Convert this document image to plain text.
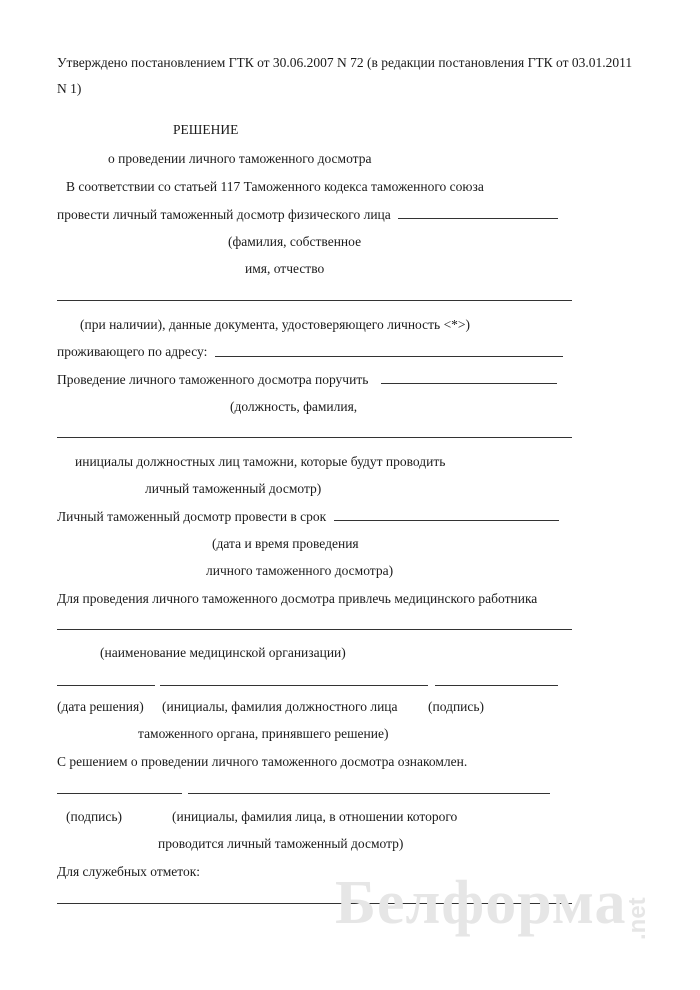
Утверждено постановлением ГТК от 30.06.2007 N 72 (в редакции постановления ГТК от 03.01.2011
N 1)
РЕШЕНИЕ
о проведении личного таможенного досмотра
В соответствии со статьей 117 Таможенного кодекса таможенного союза
провести личный таможенный досмотр физического лица
(фамилия, собственное
имя, отчество
(при наличии), данные документа, удостоверяющего личность <*>)
проживающего по адресу:
Проведение личного таможенного досмотра поручить
(должность, фамилия,
инициалы должностных лиц таможни, которые будут проводить
личный таможенный досмотр)
Личный таможенный досмотр провести в срок
(дата и время проведения
личного таможенного досмотра)
Для проведения личного таможенного досмотра привлечь медицинского работника
(наименование медицинской организации)
(дата решения) (инициалы, фамилия должностного лица (подпись)
таможенного органа, принявшего решение)
С решением о проведении личного таможенного досмотра ознакомлен.
(подпись)	(инициалы, фамилия лица, в отношении которого
проводится личный таможенный досмотр)
Для служебных отметок: Белформа
.net
